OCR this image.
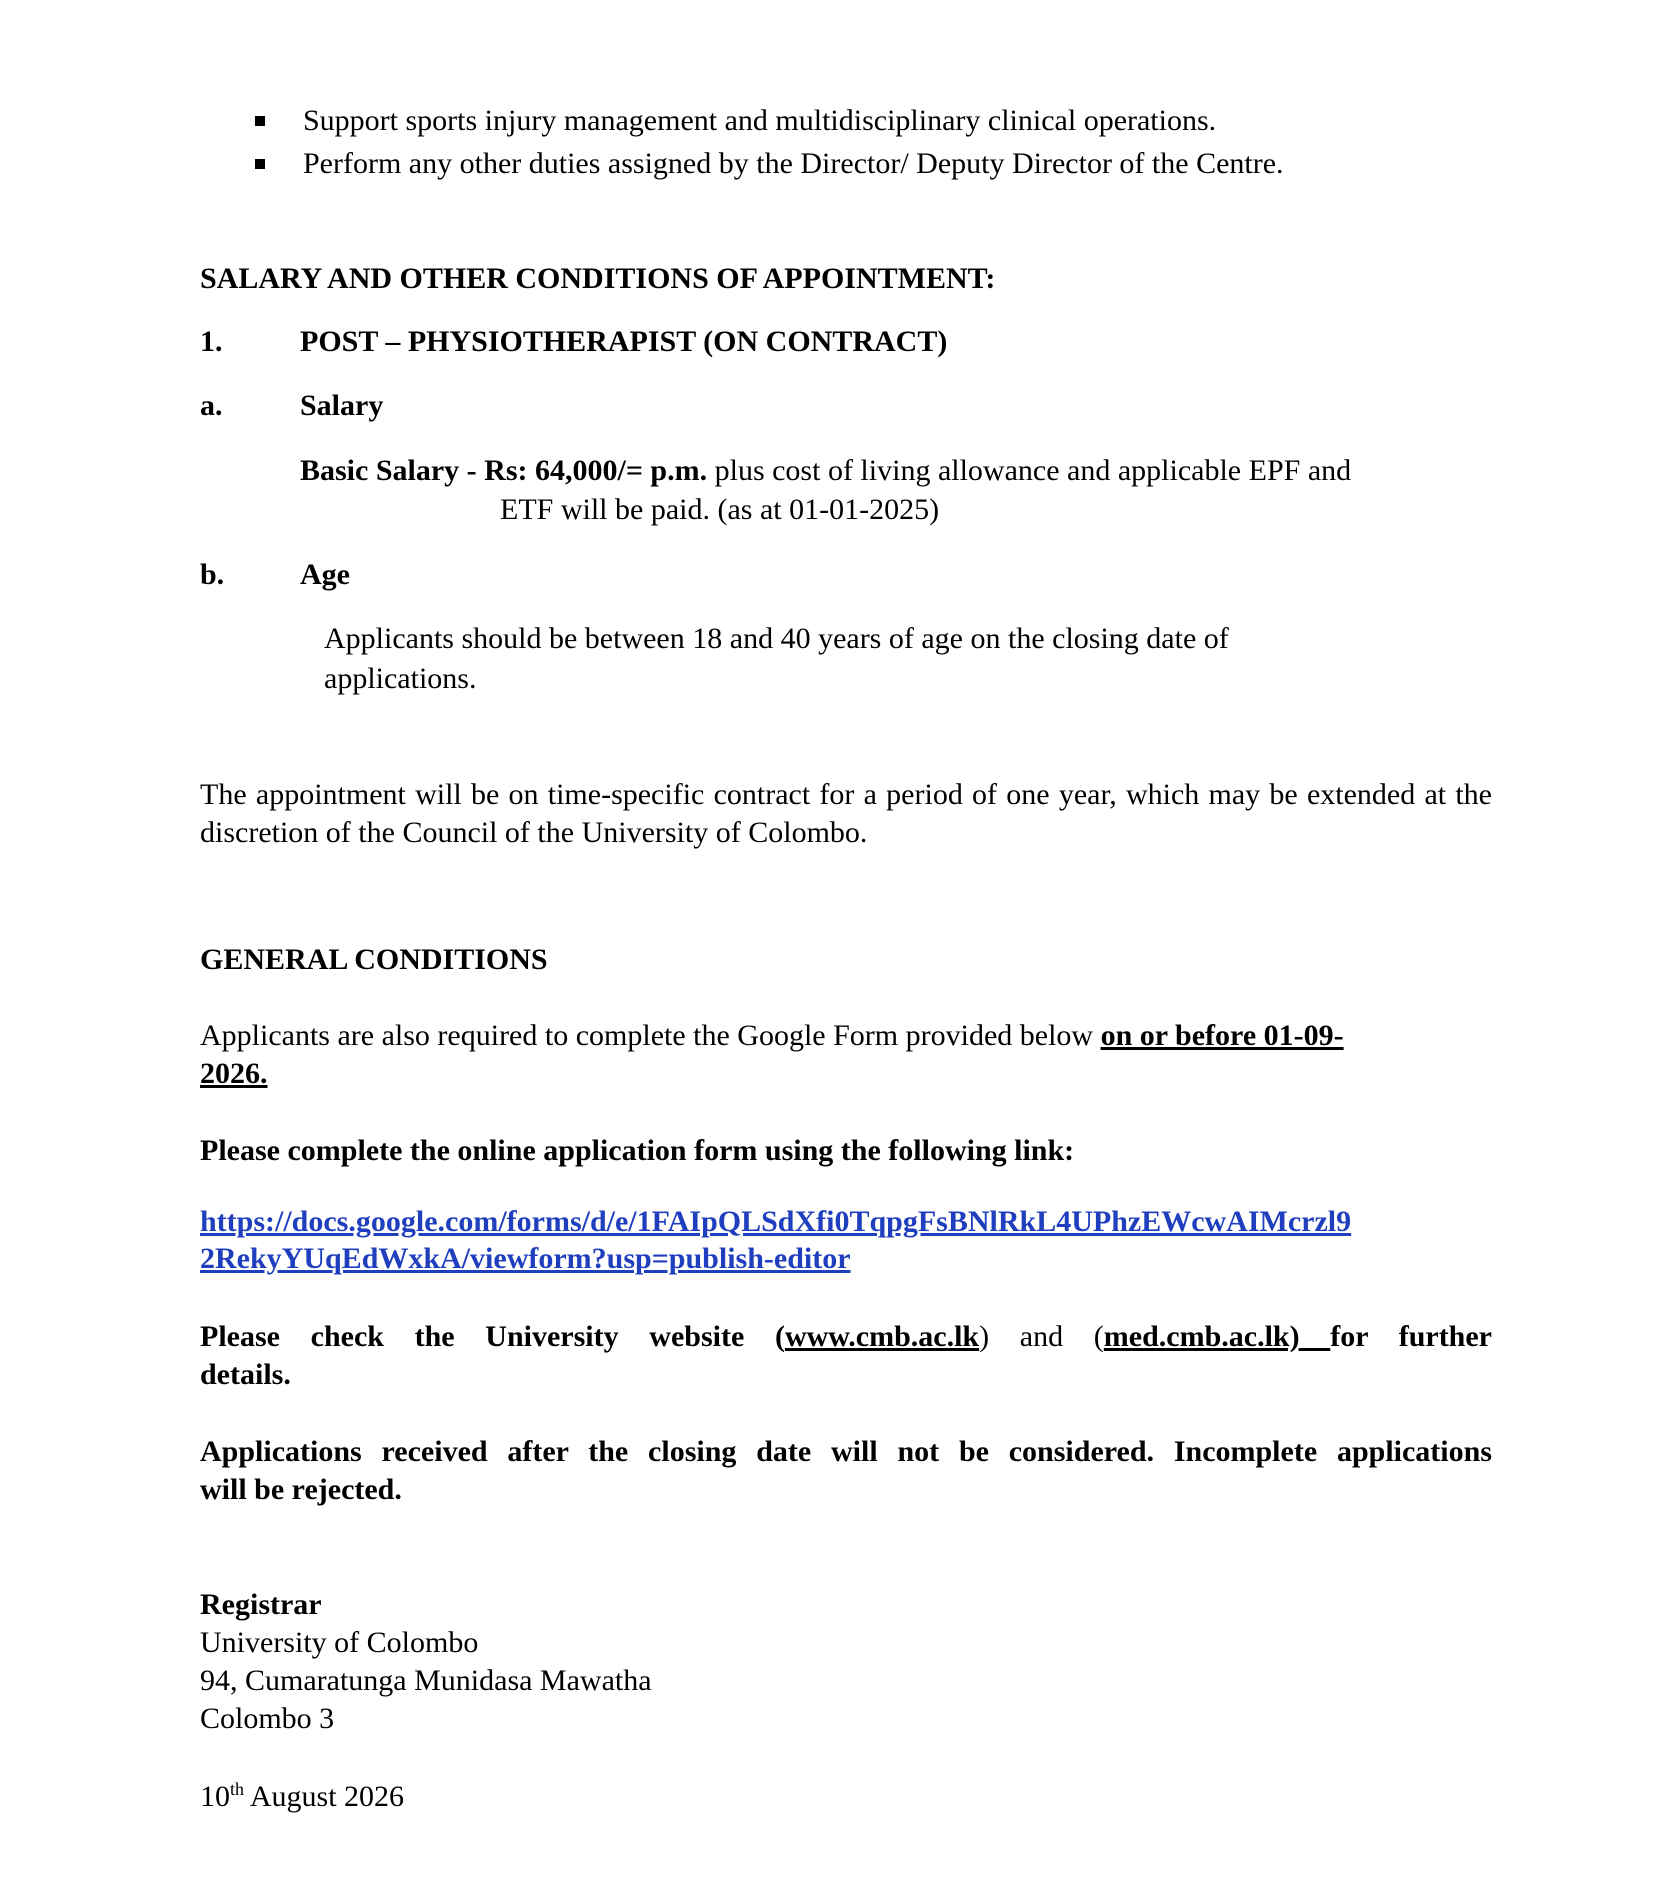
Support sports injury management and multidisciplinary clinical operations.
Perform any other duties assigned by the Director/ Deputy Director of the Centre.
SALARY AND OTHER CONDITIONS OF APPOINTMENT:
1.	POST – PHYSIOTHERAPIST (ON CONTRACT)
a.	Salary
Basic Salary - Rs: 64,000/= p.m. plus cost of living allowance and applicable EPF and
ETF will be paid. (as at 01-01-2025)
b.	Age
Applicants should be between 18 and 40 years of age on the closing date of
applications.
The appointment will be on time-specific contract for a period of one year, which may be extended at the discretion of the Council of the University of Colombo.
GENERAL CONDITIONS
Applicants are also required to complete the Google Form provided below on or before 01-09-
2026.
Please complete the online application form using the following link:
https://docs.google.com/forms/d/e/1FAIpQLSdXfi0TqpgFsBNlRkL4UPhzEWcwAIMcrzl9
2RekyYUqEdWxkA/viewform?usp=publish-editor
Please check the University website (www.cmb.ac.lk) and (med.cmb.ac.lk) for further
details.
Applications received after the closing date will not be considered. Incomplete applications
will be rejected.
Registrar
University of Colombo
94, Cumaratunga Munidasa Mawatha
Colombo 3
10th August 2026
